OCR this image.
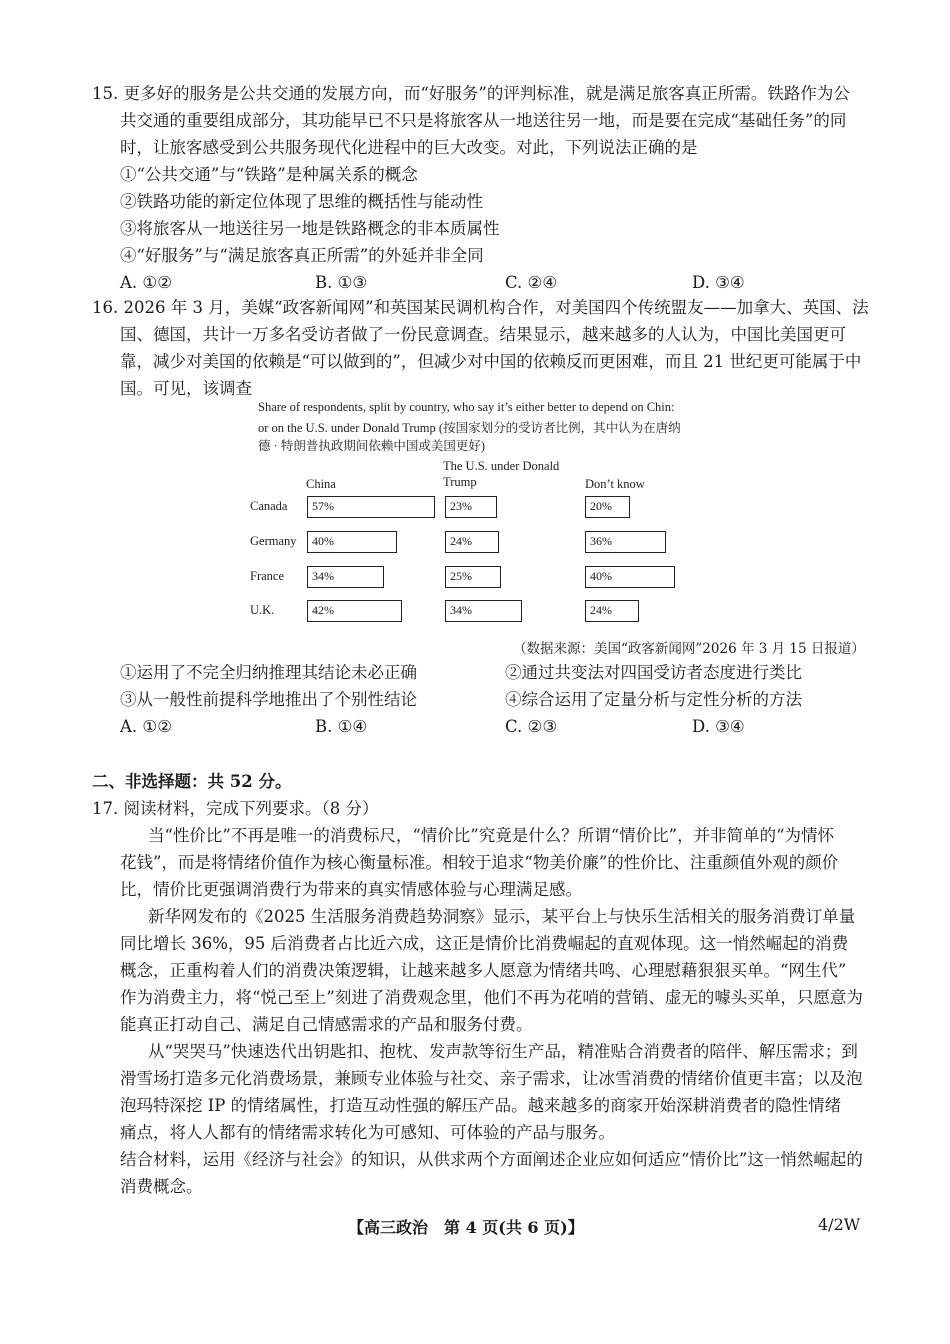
15. 更多好的服务是公共交通的发展方向，而“好服务”的评判标准，就是满足旅客真正所需。铁路作为公
共交通的重要组成部分，其功能早已不只是将旅客从一地送往另一地，而是要在完成“基础任务”的同
时，让旅客感受到公共服务现代化进程中的巨大改变。对此，下列说法正确的是
①“公共交通”与“铁路”是种属关系的概念
②铁路功能的新定位体现了思维的概括性与能动性
③将旅客从一地送往另一地是铁路概念的非本质属性
④“好服务”与“满足旅客真正所需”的外延并非全同
A. ①②	B. ①③	C. ②④	D. ③④
16. 2026 年 3 月，美媒“政客新闻网”和英国某民调机构合作，对美国四个传统盟友——加拿大、英国、法
国、德国，共计一万多名受访者做了一份民意调查。结果显示，越来越多的人认为，中国比美国更可
靠，减少对美国的依赖是“可以做到的”，但减少对中国的依赖反而更困难，而且 21 世纪更可能属于中
国。可见，该调查
Share of respondents, split by country, who say it’s either better to depend on Chin:
or on the U.S. under Donald Trump (按国家划分的受访者比例，其中认为在唐纳
德 · 特朗普执政期间依赖中国或美国更好)
China
The U.S. under Donald
Trump	Don’t know
Canada	57%	23%	20%
Germany	40%	24%	36%
France	34%	25%	40%
U.K.	42%	34%	24%
（数据来源：美国“政客新闻网”2026 年 3 月 15 日报道）
①运用了不完全归纳推理其结论未必正确	②通过共变法对四国受访者态度进行类比
③从一般性前提科学地推出了个别性结论	④综合运用了定量分析与定性分析的方法
A. ①②	B. ①④	C. ②③	D. ③④
二、非选择题：共 52 分。
17. 阅读材料，完成下列要求。（8 分）
当“性价比”不再是唯一的消费标尺，“情价比”究竟是什么？所谓“情价比”，并非简单的“为情怀
花钱”，而是将情绪价值作为核心衡量标准。相较于追求“物美价廉”的性价比、注重颜值外观的颜价
比，情价比更强调消费行为带来的真实情感体验与心理满足感。
新华网发布的《2025 生活服务消费趋势洞察》显示，某平台上与快乐生活相关的服务消费订单量
同比增长 36%，95 后消费者占比近六成，这正是情价比消费崛起的直观体现。这一悄然崛起的消费
概念，正重构着人们的消费决策逻辑，让越来越多人愿意为情绪共鸣、心理慰藉狠狠买单。“网生代”
作为消费主力，将“悦己至上”刻进了消费观念里，他们不再为花哨的营销、虚无的噱头买单，只愿意为
能真正打动自己、满足自己情感需求的产品和服务付费。
从“哭哭马”快速迭代出钥匙扣、抱枕、发声款等衍生产品，精准贴合消费者的陪伴、解压需求；到
滑雪场打造多元化消费场景，兼顾专业体验与社交、亲子需求，让冰雪消费的情绪价值更丰富；以及泡
泡玛特深挖 IP 的情绪属性，打造互动性强的解压产品。越来越多的商家开始深耕消费者的隐性情绪
痛点，将人人都有的情绪需求转化为可感知、可体验的产品与服务。
结合材料，运用《经济与社会》的知识，从供求两个方面阐述企业应如何适应“情价比”这一悄然崛起的
消费概念。
【高三政治　第 4 页(共 6 页)】	4/2W
